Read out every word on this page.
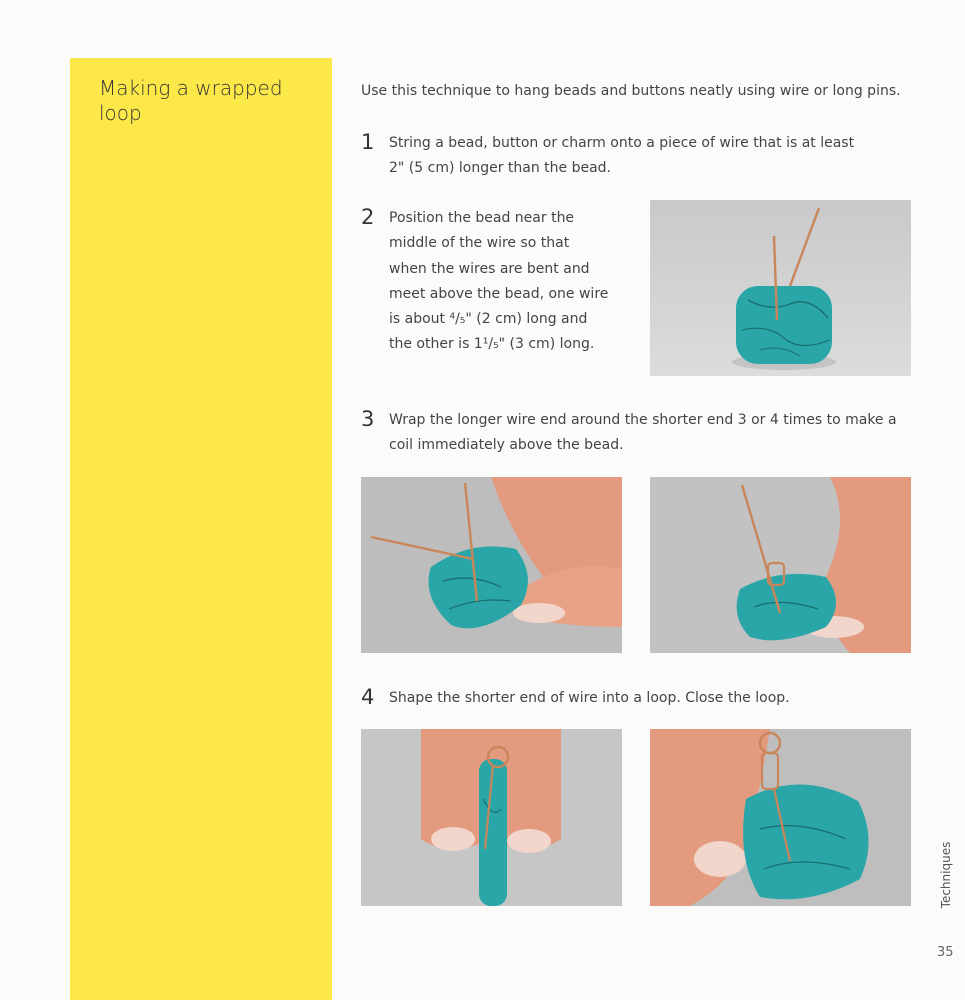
Making a wrapped loop
Use this technique to hang beads and buttons neatly using wire or long pins.
1 String a bead, button or charm onto a piece of wire that is at least
2" (5 cm) longer than the bead.
2 Position the bead near the
middle of the wire so that
when the wires are bent and
meet above the bead, one wire
is about ⁴/₅" (2 cm) long and
the other is 1¹/₅" (3 cm) long.
3 Wrap the longer wire end around the shorter end 3 or 4 times to make a
coil immediately above the bead.
4 Shape the shorter end of wire into a loop. Close the loop.
Techniques
35
